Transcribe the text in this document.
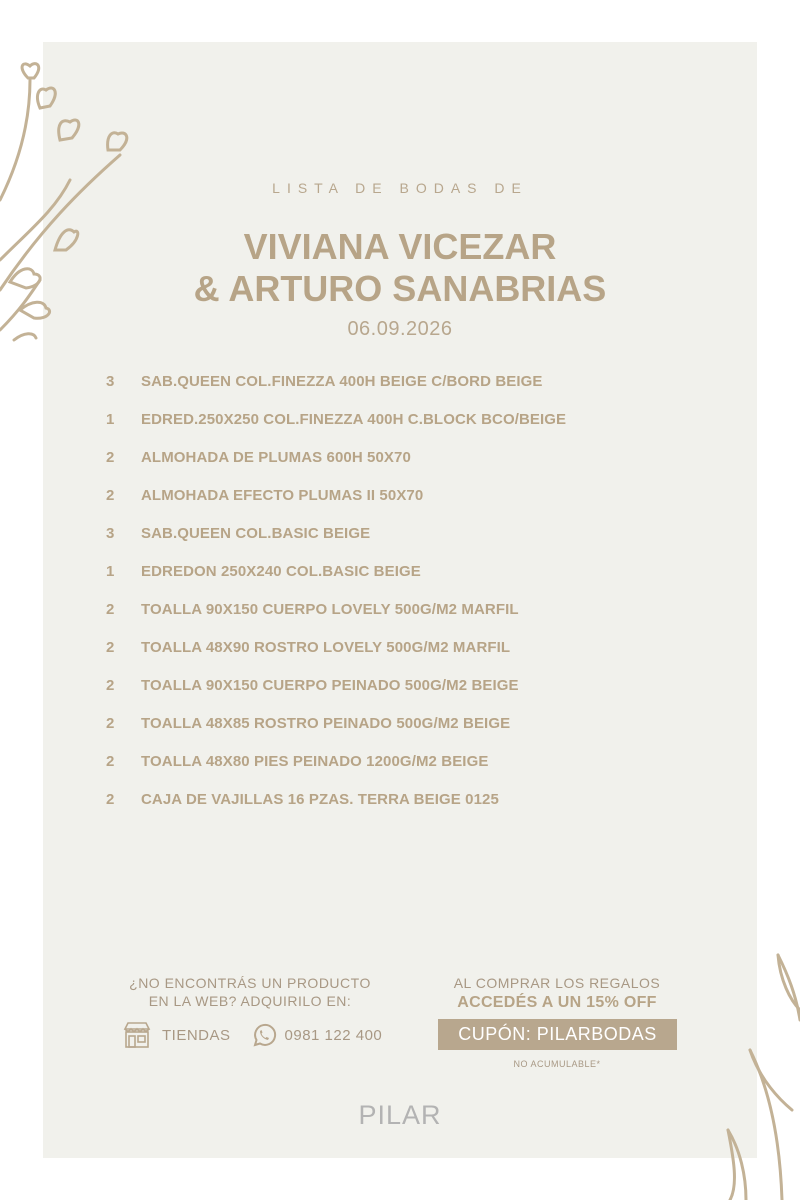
LISTA DE BODAS DE
VIVIANA VICEZAR
& ARTURO SANABRIAS
06.09.2026
3	SAB.QUEEN COL.FINEZZA 400H BEIGE C/BORD BEIGE
1	EDRED.250X250 COL.FINEZZA 400H C.BLOCK BCO/BEIGE
2	ALMOHADA DE PLUMAS 600H 50X70
2	ALMOHADA EFECTO PLUMAS II 50X70
3	SAB.QUEEN COL.BASIC BEIGE
1	EDREDON 250X240 COL.BASIC BEIGE
2	TOALLA 90X150 CUERPO LOVELY 500G/M2 MARFIL
2	TOALLA 48X90 ROSTRO LOVELY 500G/M2 MARFIL
2	TOALLA 90X150 CUERPO PEINADO 500G/M2 BEIGE
2	TOALLA 48X85 ROSTRO PEINADO 500G/M2 BEIGE
2	TOALLA 48X80 PIES PEINADO 1200G/M2 BEIGE
2	CAJA DE VAJILLAS 16 PZAS. TERRA BEIGE 0125
¿NO ENCONTRÁS UN PRODUCTO
EN LA WEB? ADQUIRILO EN:
TIENDAS	0981 122 400
AL COMPRAR LOS REGALOS
ACCEDÉS A UN 15% OFF
CUPÓN: PILARBODAS
NO ACUMULABLE*
PILAR
